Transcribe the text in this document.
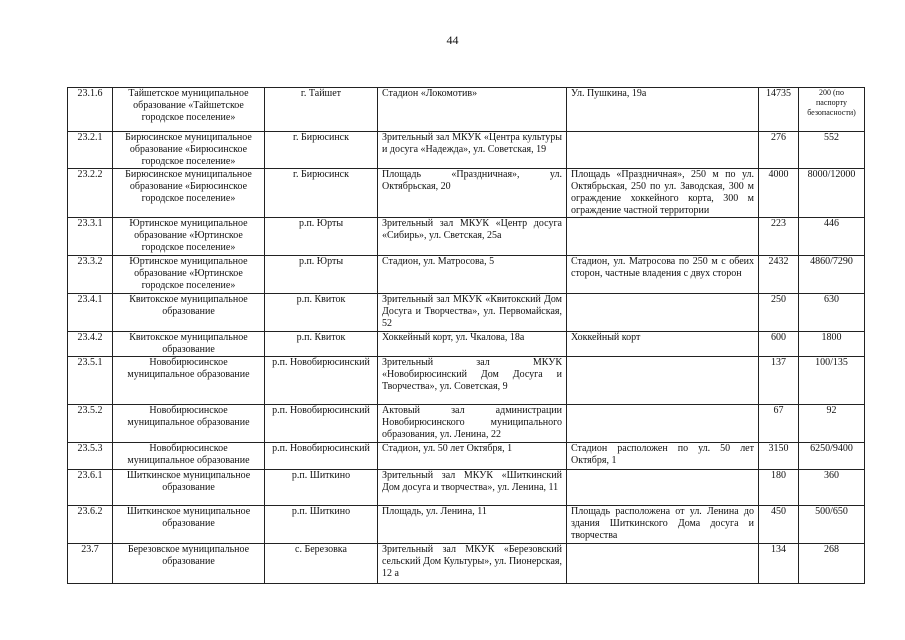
44
23.1.6	Тайшетское муниципальное образование «Тайшетское городское поселение»	г. Тайшет	Стадион «Локомотив»	Ул. Пушкина, 19а	14735	200 (по паспорту безопасности)
23.2.1	Бирюсинское муниципальное образование «Бирюсинское городское поселение»	г. Бирюсинск	Зрительный зал МКУК «Центра культуры и досуга «Надежда», ул. Советская, 19		276	552
23.2.2	Бирюсинское муниципальное образование «Бирюсинское городское поселение»	г. Бирюсинск	Площадь «Праздничная», ул. Октябрьская, 20	Площадь «Праздничная», 250 м по ул. Октябрьская, 250 по ул. Заводская, 300 м ограждение хоккейного корта, 300 м ограждение частной территории	4000	8000/12000
23.3.1	Юртинское муниципальное образование «Юртинское городское поселение»	р.п. Юрты	Зрительный зал МКУК «Центр досуга «Сибирь», ул. Светская, 25а		223	446
23.3.2	Юртинское муниципальное образование «Юртинское городское поселение»	р.п. Юрты	Стадион, ул. Матросова, 5	Стадион, ул. Матросова по 250 м с обеих сторон, частные владения с двух сторон	2432	4860/7290
23.4.1	Квитокское муниципальное образование	р.п. Квиток	Зрительный зал МКУК «Квитокский Дом Досуга и Творчества», ул. Первомайская, 52		250	630
23.4.2	Квитокское муниципальное образование	р.п. Квиток	Хоккейный корт, ул. Чкалова, 18а	Хоккейный корт	600	1800
23.5.1	Новобирюсинское муниципальное образование	р.п. Новобирюсинский	Зрительный зал МКУК «Новобирюсинский Дом Досуга и Творчества», ул. Советская, 9		137	100/135
23.5.2	Новобирюсинское муниципальное образование	р.п. Новобирюсинский	Актовый зал администрации Новобирюсинского муниципального образования, ул. Ленина, 22		67	92
23.5.3	Новобирюсинское муниципальное образование	р.п. Новобирюсинский	Стадион, ул. 50 лет Октября, 1	Стадион расположен по ул. 50 лет Октября, 1	3150	6250/9400
23.6.1	Шиткинское муниципальное образование	р.п. Шиткино	Зрительный зал МКУК «Шиткинский Дом досуга и творчества», ул. Ленина, 11		180	360
23.6.2	Шиткинское муниципальное образование	р.п. Шиткино	Площадь, ул. Ленина, 11	Площадь расположена от ул. Ленина до здания Шиткинского Дома досуга и творчества	450	500/650
23.7	Березовское муниципальное образование	с. Березовка	Зрительный зал МКУК «Березовский сельский Дом Культуры», ул. Пионерская, 12 а		134	268
